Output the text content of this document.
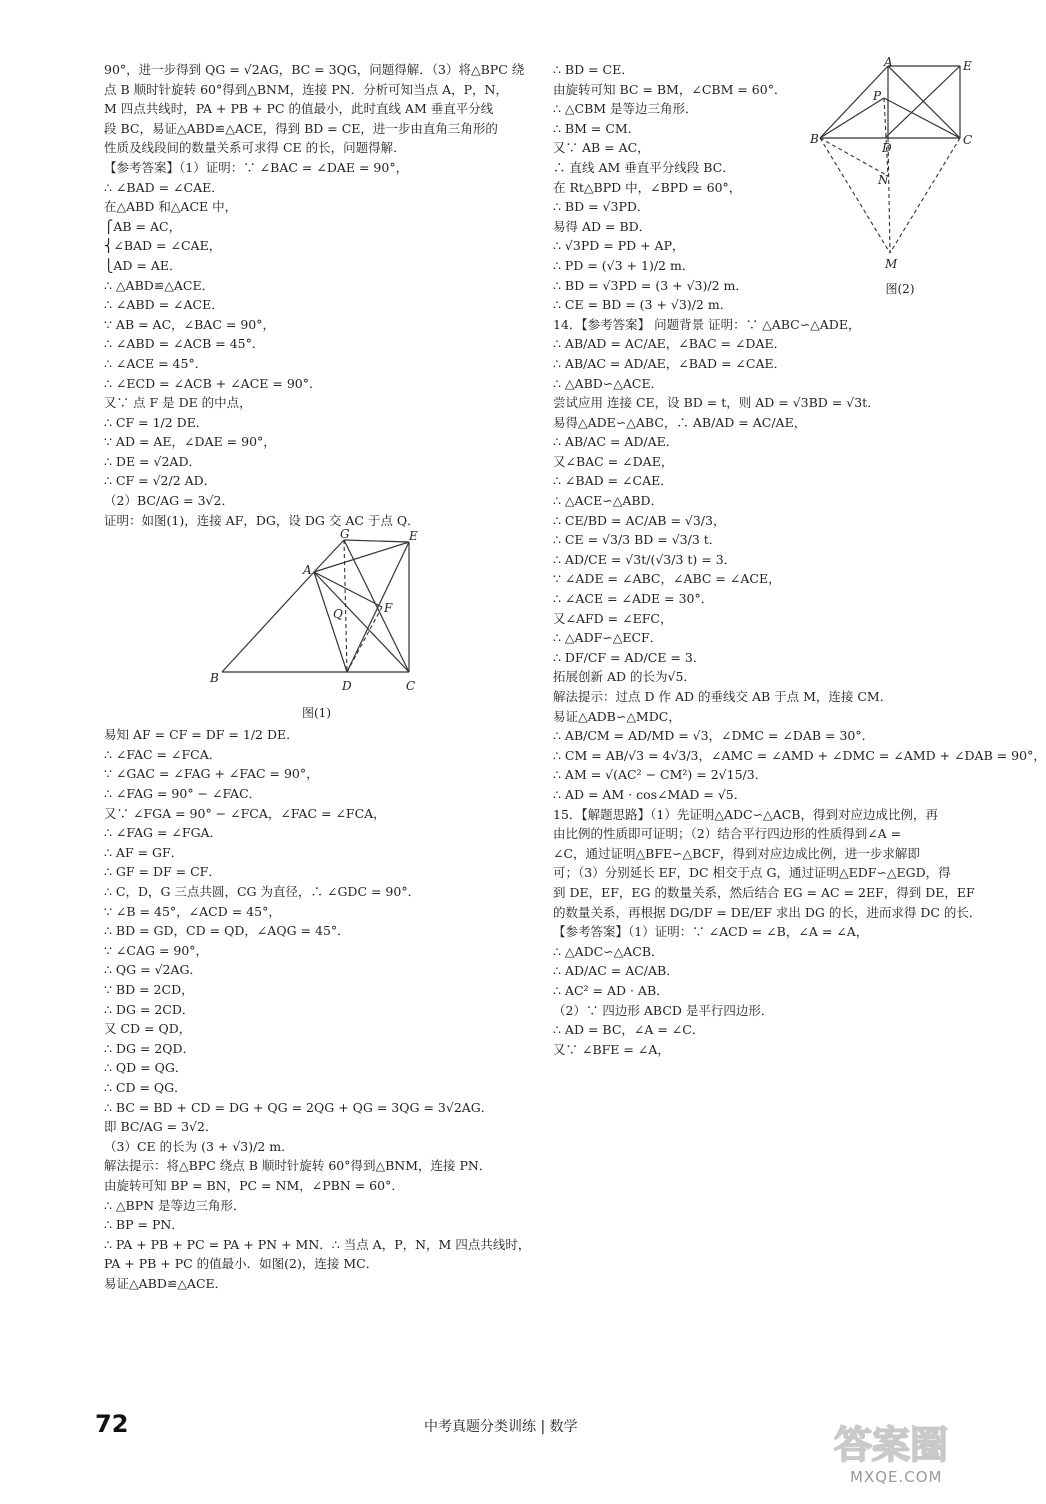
90°，进一步得到 QG = √2AG，BC = 3QG，问题得解．（3）将△BPC 绕
点 B 顺时针旋转 60°得到△BNM，连接 PN．分析可知当点 A，P，N，
M 四点共线时，PA + PB + PC 的值最小，此时直线 AM 垂直平分线
段 BC，易证△ABD≌△ACE，得到 BD = CE，进一步由直角三角形的
性质及线段间的数量关系可求得 CE 的长，问题得解．
【参考答案】（1）证明：∵ ∠BAC = ∠DAE = 90°，
∴ ∠BAD = ∠CAE．
在△ABD 和△ACE 中，
⎧AB = AC，
⎨∠BAD = ∠CAE，
⎩AD = AE．
∴ △ABD≌△ACE．
∴ ∠ABD = ∠ACE．
∵ AB = AC，∠BAC = 90°，
∴ ∠ABD = ∠ACB = 45°．
∴ ∠ACE = 45°．
∴ ∠ECD = ∠ACB + ∠ACE = 90°．
又∵ 点 F 是 DE 的中点，
∴ CF = 1/2 DE．
∵ AD = AE，∠DAE = 90°，
∴ DE = √2AD．
∴ CF = √2/2 AD．
（2）BC/AG = 3√2．
证明：如图(1)，连接 AF，DG，设 DG 交 AC 于点 Q．
G	E
A
Q	F
B
D	C
图(1)
易知 AF = CF = DF = 1/2 DE．
∴ ∠FAC = ∠FCA．
∵ ∠GAC = ∠FAG + ∠FAC = 90°，
∴ ∠FAG = 90° − ∠FAC．
又∵ ∠FGA = 90° − ∠FCA，∠FAC = ∠FCA，
∴ ∠FAG = ∠FGA．
∴ AF = GF．
∴ GF = DF = CF．
∴ C，D，G 三点共圆，CG 为直径，∴ ∠GDC = 90°．
∵ ∠B = 45°，∠ACD = 45°，
∴ BD = GD，CD = QD，∠AQG = 45°．
∵ ∠CAG = 90°，
∴ QG = √2AG．
∵ BD = 2CD，
∴ DG = 2CD．
又 CD = QD，
∴ DG = 2QD．
∴ QD = QG．
∴ CD = QG．
∴ BC = BD + CD = DG + QG = 2QG + QG = 3QG = 3√2AG．
即 BC/AG = 3√2．
（3）CE 的长为 (3 + √3)/2 m．
解法提示：将△BPC 绕点 B 顺时针旋转 60°得到△BNM，连接 PN．
由旋转可知 BP = BN，PC = NM，∠PBN = 60°．
∴ △BPN 是等边三角形．
∴ BP = PN．
∴ PA + PB + PC = PA + PN + MN．∴ 当点 A，P，N，M 四点共线时，
PA + PB + PC 的值最小．如图(2)，连接 MC．
易证△ABD≌△ACE．
∴ BD = CE．
由旋转可知 BC = BM，∠CBM = 60°．
∴ △CBM 是等边三角形．
∴ BM = CM．
又∵ AB = AC，
∴ 直线 AM 垂直平分线段 BC．
在 Rt△BPD 中，∠BPD = 60°，
∴ BD = √3PD．
易得 AD = BD．
∴ √3PD = PD + AP，
∴ PD = (√3 + 1)/2 m．
∴ BD = √3PD = (3 + √3)/2 m．
∴ CE = BD = (3 + √3)/2 m．
14．【参考答案】 问题背景 证明：∵ △ABC∽△ADE，
∴ AB/AD = AC/AE，∠BAC = ∠DAE．
∴ AB/AC = AD/AE，∠BAD = ∠CAE．
∴ △ABD∽△ACE．
尝试应用 连接 CE，设 BD = t，则 AD = √3BD = √3t．
易得△ADE∽△ABC，∴ AB/AD = AC/AE，
∴ AB/AC = AD/AE．
又∠BAC = ∠DAE，
∴ ∠BAD = ∠CAE．
∴ △ACE∽△ABD．
∴ CE/BD = AC/AB = √3/3，
∴ CE = √3/3 BD = √3/3 t．
∴ AD/CE = √3t/(√3/3 t) = 3．
∵ ∠ADE = ∠ABC，∠ABC = ∠ACE，
∴ ∠ACE = ∠ADE = 30°．
又∠AFD = ∠EFC，
∴ △ADF∽△ECF．
∴ DF/CF = AD/CE = 3．
拓展创新 AD 的长为√5．
解法提示：过点 D 作 AD 的垂线交 AB 于点 M，连接 CM．
易证△ADB∽△MDC，
∴ AB/CM = AD/MD = √3，∠DMC = ∠DAB = 30°．
∴ CM = AB/√3 = 4√3/3，∠AMC = ∠AMD + ∠DMC = ∠AMD + ∠DAB = 90°，
∴ AM = √(AC² − CM²) = 2√15/3．
∴ AD = AM · cos∠MAD = √5．
15．【解题思路】（1）先证明△ADC∽△ACB，得到对应边成比例，再
由比例的性质即可证明；（2）结合平行四边形的性质得到∠A =
∠C，通过证明△BFE∽△BCF，得到对应边成比例，进一步求解即
可；（3）分别延长 EF，DC 相交于点 G，通过证明△EDF∽△EGD，得
到 DE，EF，EG 的数量关系，然后结合 EG = AC = 2EF，得到 DE，EF
的数量关系，再根据 DG/DF = DE/EF 求出 DG 的长，进而求得 DC 的长．
【参考答案】（1）证明：∵ ∠ACD = ∠B，∠A = ∠A，
∴ △ADC∽△ACB．
∴ AD/AC = AC/AB．
∴ AC² = AD · AB．
（2）∵ 四边形 ABCD 是平行四边形．
∴ AD = BC，∠A = ∠C．
又∵ ∠BFE = ∠A，
A	E
P
B
D
C
N
M
图(2)
72	中考真题分类训练 | 数学	答案圈
MXQE.COM
